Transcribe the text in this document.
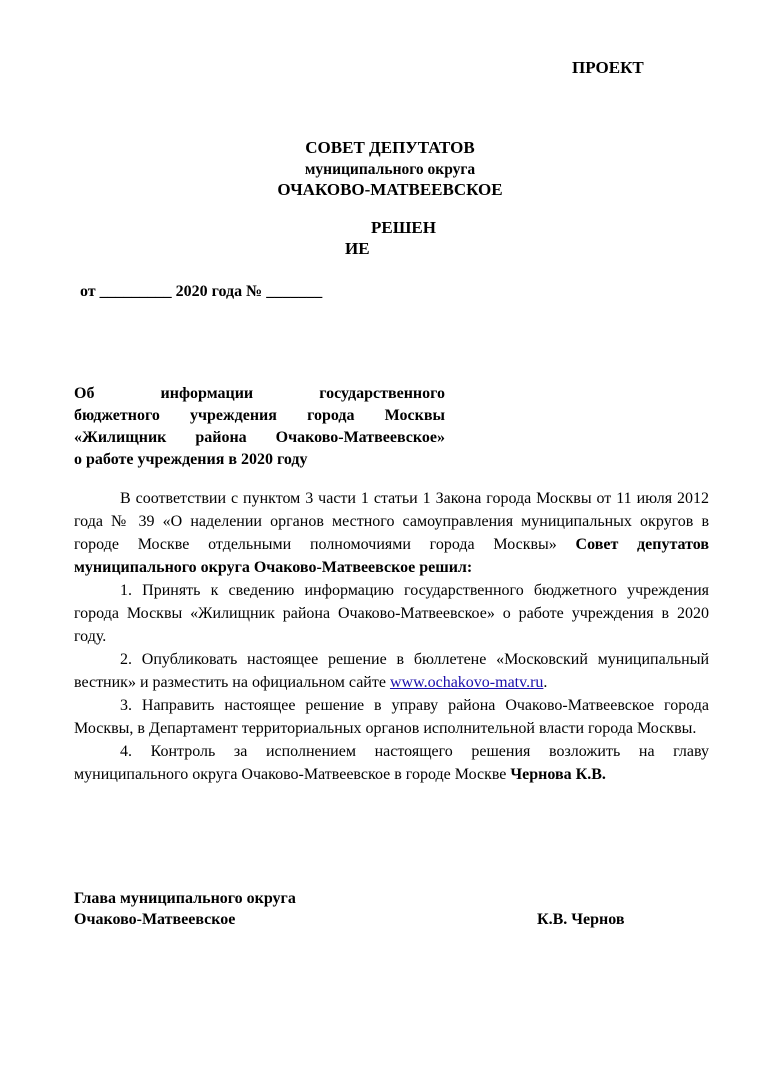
ПРОЕКТ
СОВЕТ ДЕПУТАТОВ
муниципального округа
ОЧАКОВО-МАТВЕЕВСКОЕ
РЕШЕН
ИЕ
от _________ 2020 года № _______
Об информации государственного
бюджетного учреждения города Москвы
«Жилищник района Очаково-Матвеевское»
о работе учреждения в 2020 году

В соответствии с пунктом 3 части 1 статьи 1 Закона города Москвы от 11 июля 2012 года № 39 «О наделении органов местного самоуправления муниципальных округов в городе Москве отдельными полномочиями города Москвы» Совет депутатов муниципального округа Очаково-Матвеевское решил:

1. Принять к сведению информацию государственного бюджетного учреждения города Москвы «Жилищник района Очаково-Матвеевское» о работе учреждения в 2020 году.

2. Опубликовать настоящее решение в бюллетене «Московский муниципальный вестник» и разместить на официальном сайте www.ochakovo-matv.ru.

3. Направить настоящее решение в управу района Очаково-Матвеевское города Москвы, в Департамент территориальных органов исполнительной власти города Москвы.

4. Контроль за исполнением настоящего решения возложить на главу муниципального округа Очаково-Матвеевское в городе Москве Чернова К.В.

Глава муниципального округа
Очаково-Матвеевское	К.В. Чернов
